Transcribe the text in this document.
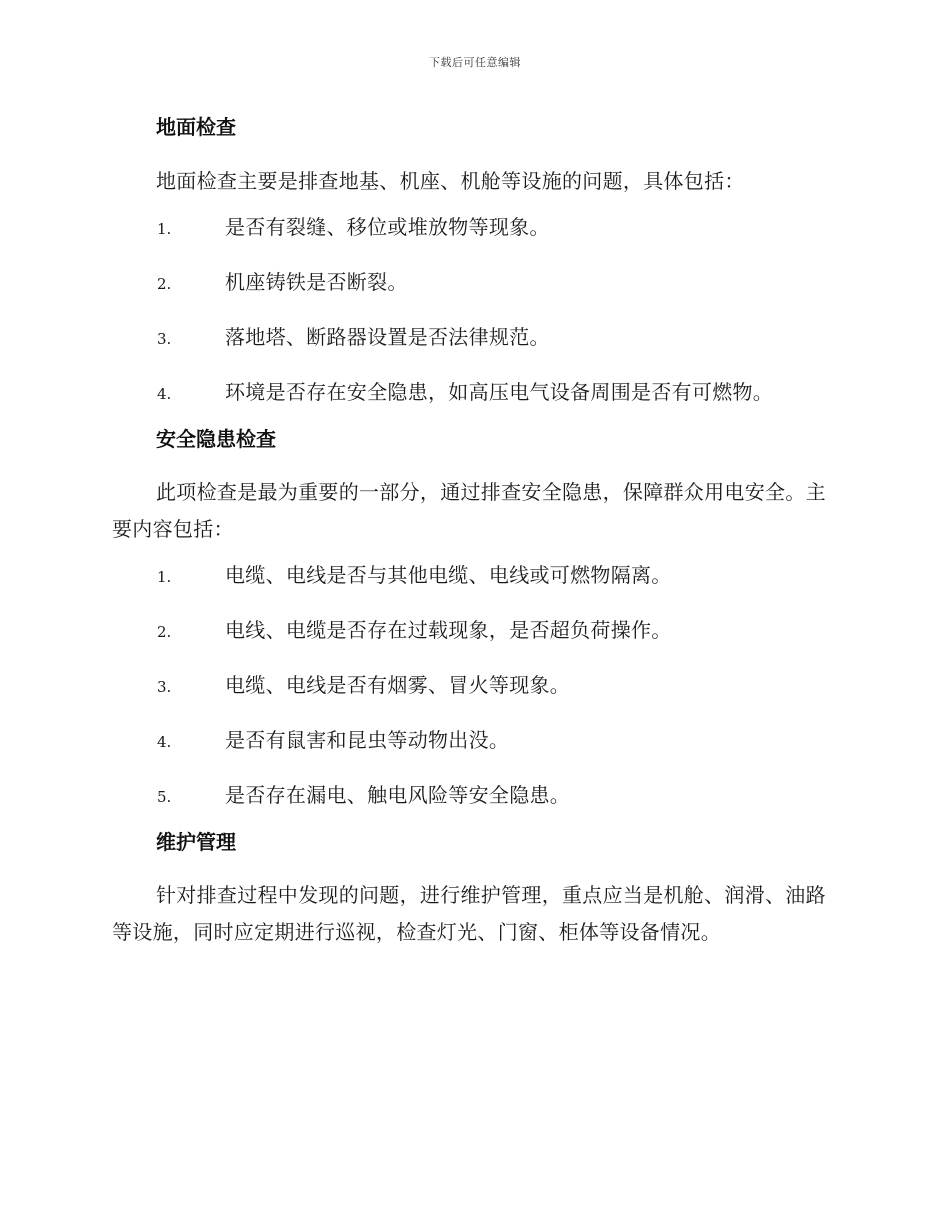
下载后可任意编辑
地面检查

地面检查主要是排查地基、机座、机舱等设施的问题，具体包括：

1.	是否有裂缝、移位或堆放物等现象。
2.	机座铸铁是否断裂。
3.	落地塔、断路器设置是否法律规范。
4.	环境是否存在安全隐患，如高压电气设备周围是否有可燃物。
安全隐患检查

此项检查是最为重要的一部分，通过排查安全隐患，保障群众用电安全。主要内容包括：

1.	电缆、电线是否与其他电缆、电线或可燃物隔离。
2.	电线、电缆是否存在过载现象，是否超负荷操作。
3.	电缆、电线是否有烟雾、冒火等现象。
4.	是否有鼠害和昆虫等动物出没。
5.	是否存在漏电、触电风险等安全隐患。
维护管理

针对排查过程中发现的问题，进行维护管理，重点应当是机舱、润滑、油路等设施，同时应定期进行巡视，检查灯光、门窗、柜体等设备情况。
